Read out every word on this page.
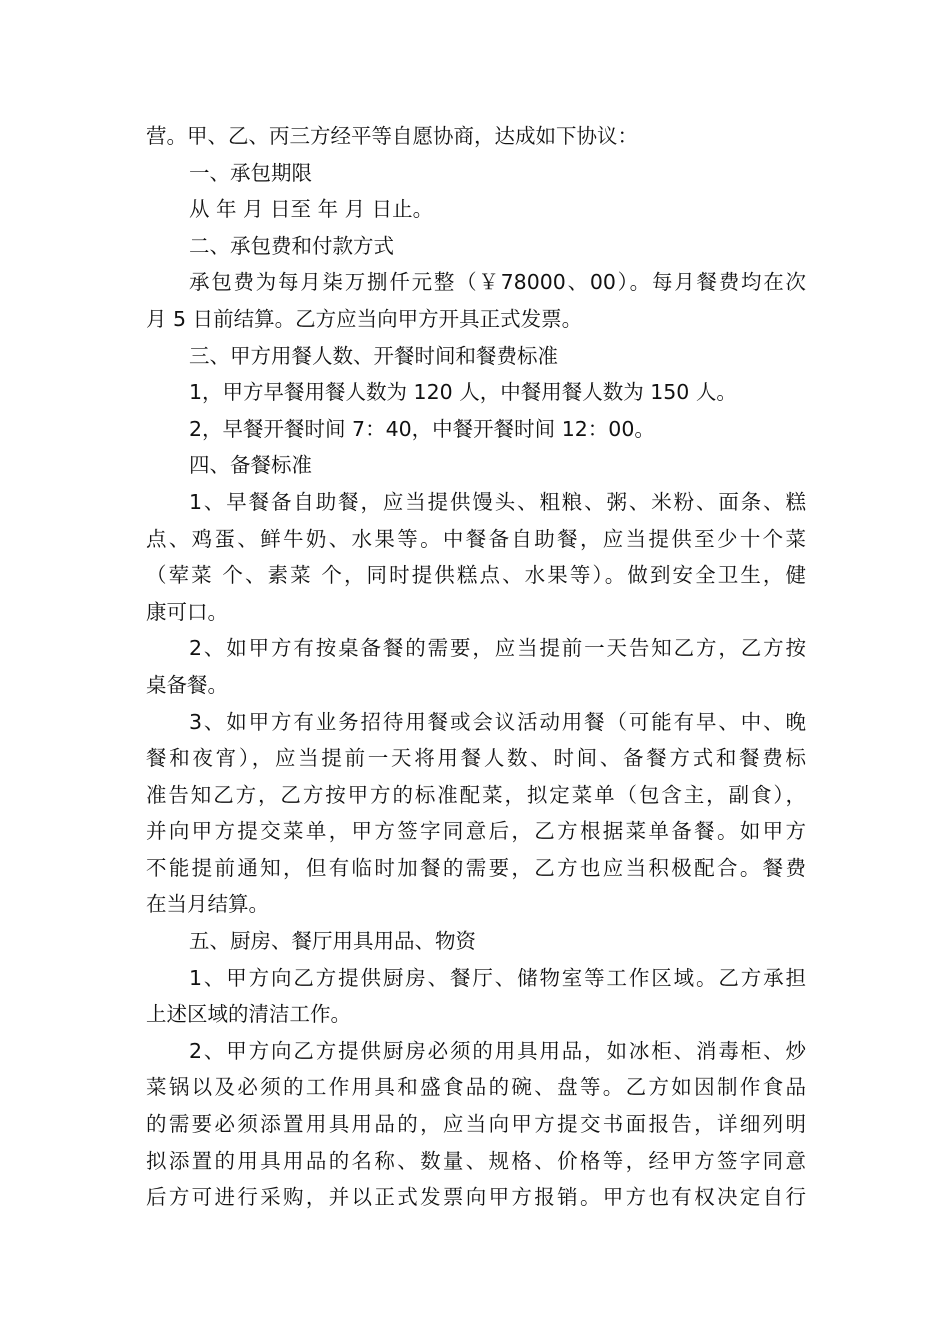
营。甲、乙、丙三方经平等自愿协商，达成如下协议：

一、承包期限

从 年 月 日至 年 月 日止。

二、承包费和付款方式

承包费为每月柒万捌仟元整（￥78000、00）。每月餐费均在次

月 5 日前结算。乙方应当向甲方开具正式发票。

三、甲方用餐人数、开餐时间和餐费标准

1，甲方早餐用餐人数为 120 人，中餐用餐人数为 150 人。

2，早餐开餐时间 7：40，中餐开餐时间 12：00。

四、备餐标准

1、早餐备自助餐，应当提供馒头、粗粮、粥、米粉、面条、糕

点、鸡蛋、鲜牛奶、水果等。中餐备自助餐，应当提供至少十个菜

（荤菜 个、素菜 个，同时提供糕点、水果等）。做到安全卫生，健

康可口。

2、如甲方有按桌备餐的需要，应当提前一天告知乙方，乙方按

桌备餐。

3、如甲方有业务招待用餐或会议活动用餐（可能有早、中、晚

餐和夜宵），应当提前一天将用餐人数、时间、备餐方式和餐费标

准告知乙方，乙方按甲方的标准配菜，拟定菜单（包含主，副食），

并向甲方提交菜单，甲方签字同意后，乙方根据菜单备餐。如甲方

不能提前通知，但有临时加餐的需要，乙方也应当积极配合。餐费

在当月结算。

五、厨房、餐厅用具用品、物资

1、甲方向乙方提供厨房、餐厅、储物室等工作区域。乙方承担

上述区域的清洁工作。

2、甲方向乙方提供厨房必须的用具用品，如冰柜、消毒柜、炒

菜锅以及必须的工作用具和盛食品的碗、盘等。乙方如因制作食品

的需要必须添置用具用品的，应当向甲方提交书面报告，详细列明

拟添置的用具用品的名称、数量、规格、价格等，经甲方签字同意

后方可进行采购，并以正式发票向甲方报销。甲方也有权决定自行
